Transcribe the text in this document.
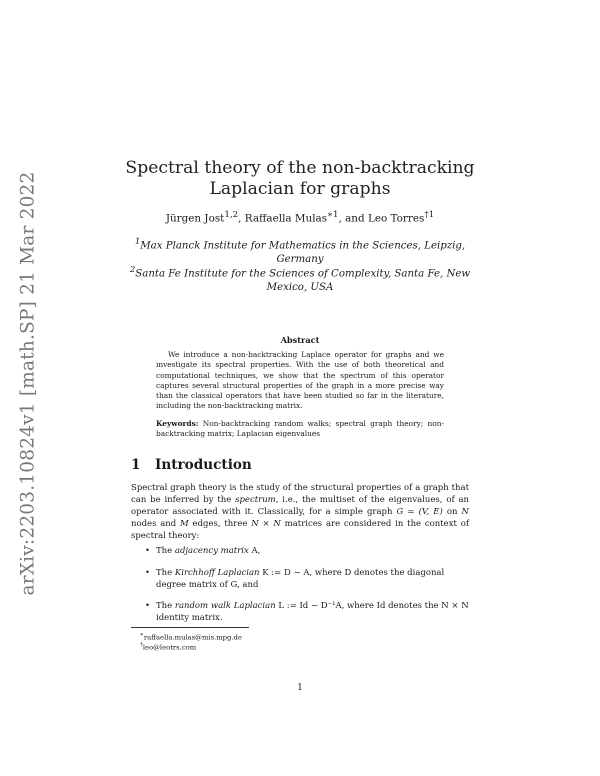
arXiv:2203.10824v1 [math.SP] 21 Mar 2022
Spectral theory of the non-backtracking
Laplacian for graphs
Jürgen Jost$^{1,2}$, Raffaella Mulas$^{∗1}$, and Leo Torres$^{\dagger 1}$
$^1$Max Planck Institute for Mathematics in the Sciences, Leipzig,
Germany
$^2$Santa Fe Institute for the Sciences of Complexity, Santa Fe, New
Mexico, USA
Abstract

We introduce a non-backtracking Laplace operator for graphs and we investigate its spectral properties. With the use of both theoretical and computational techniques, we show that the spectrum of this operator captures several structural properties of the graph in a more precise way than the classical operators that have been studied so far in the literature, including the non-backtracking matrix.

Keywords: Non-backtracking random walks; spectral graph theory; non-backtracking matrix; Laplacian eigenvalues
1 Introduction
Spectral graph theory is the study of the structural properties of a graph that can be inferred by the spectrum, i.e., the multiset of the eigenvalues, of an operator associated with it. Classically, for a simple graph G = (V, E) on N nodes and M edges, three N × N matrices are considered in the context of spectral theory:
• The adjacency matrix A,
• The Kirchhoff Laplacian K := D − A, where D denotes the diagonal degree matrix of G, and
• The random walk Laplacian L := Id − D⁻¹A, where Id denotes the N × N identity matrix.
∗raffaella.mulas@mis.mpg.de
†leo@leotrs.com
1
